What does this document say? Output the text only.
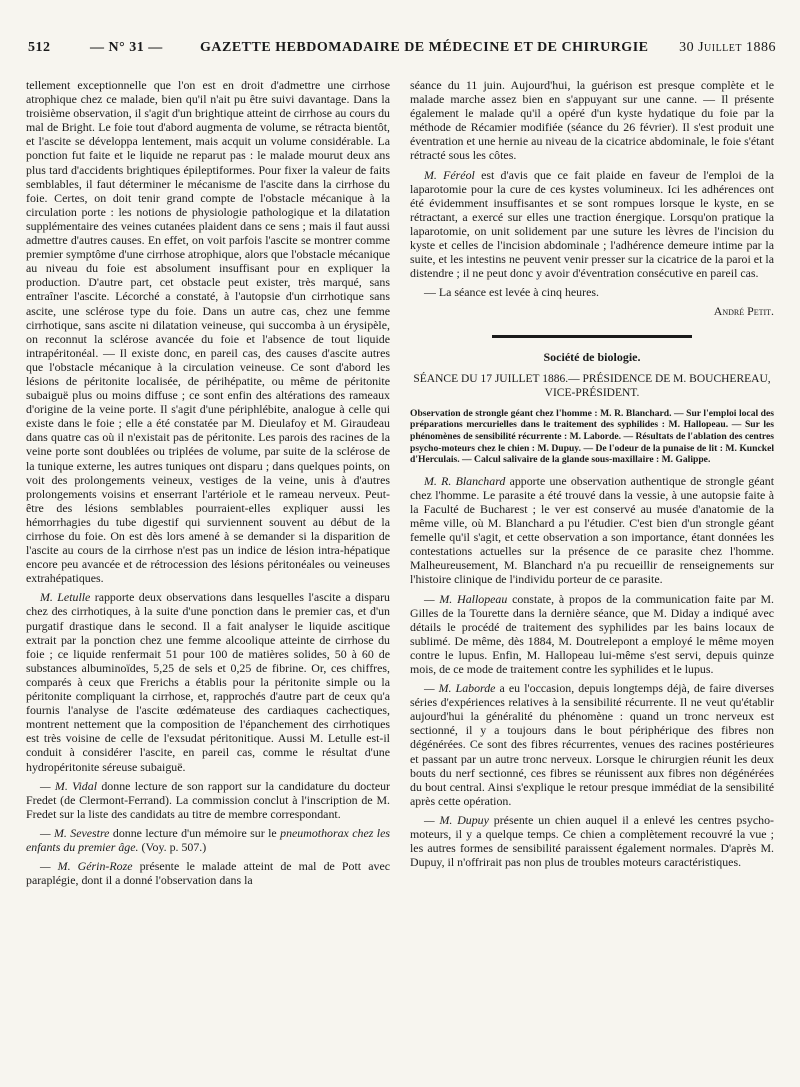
512	— N° 31 —	GAZETTE HEBDOMADAIRE DE MÉDECINE ET DE CHIRURGIE 30 Juillet 1886

tellement exceptionnelle que l'on est en droit d'admettre une cirrhose atrophique chez ce malade, bien qu'il n'ait pu être suivi davantage. Dans la troisième observation, il s'agit d'un brightique atteint de cirrhose au cours du mal de Bright. Le foie tout d'abord augmenta de volume, se rétracta bientôt, et l'ascite se développa lentement, mais acquit un volume considérable. La ponction fut faite et le liquide ne reparut pas : le malade mourut deux ans plus tard d'accidents brightiques épileptiformes. Pour fixer la valeur de faits semblables, il faut déterminer le mécanisme de l'ascite dans la cirrhose du foie. Certes, on doit tenir grand compte de l'obstacle mécanique à la circulation porte : les notions de physiologie pathologique et la dilatation supplémentaire des veines cutanées plaident dans ce sens ; mais il faut aussi admettre d'autres causes. En effet, on voit parfois l'ascite se montrer comme premier symptôme d'une cirrhose atrophique, alors que l'obstacle mécanique au niveau du foie est absolument insuffisant pour en expliquer la production. D'autre part, cet obstacle peut exister, très marqué, sans entraîner l'ascite. Lécorché a constaté, à l'autopsie d'un cirrhotique sans ascite, une sclérose type du foie. Dans un autre cas, chez une femme cirrhotique, sans ascite ni dilatation veineuse, qui succomba à un érysipèle, on reconnut la sclérose avancée du foie et l'absence de tout liquide intrapéritonéal. — Il existe donc, en pareil cas, des causes d'ascite autres que l'obstacle mécanique à la circulation veineuse. Ce sont d'abord les lésions de péritonite localisée, de périhépatite, ou même de péritonite subaiguë plus ou moins diffuse ; ce sont enfin des altérations des rameaux d'origine de la veine porte. Il s'agit d'une périphlébite, analogue à celle qui existe dans le foie ; elle a été constatée par M. Dieulafoy et M. Giraudeau dans quatre cas où il n'existait pas de péritonite. Les parois des racines de la veine porte sont doublées ou triplées de volume, par suite de la sclérose de la tunique externe, les autres tuniques ont disparu ; dans quelques points, on voit des prolongements veineux, vestiges de la veine, unis à d'autres prolongements voisins et enserrant l'artériole et le rameau nerveux. Peut-être des lésions semblables pourraient-elles expliquer aussi les hémorrhagies du tube digestif qui surviennent souvent au début de la cirrhose du foie. On est dès lors amené à se demander si la disparition de l'ascite au cours de la cirrhose n'est pas un indice de lésion intra-hépatique encore peu avancée et de rétrocession des lésions péritonéales ou veineuses extrahépatiques.

M. Letulle rapporte deux observations dans lesquelles l'ascite a disparu chez des cirrhotiques, à la suite d'une ponction dans le premier cas, et d'un purgatif drastique dans le second. Il a fait analyser le liquide ascitique extrait par la ponction chez une femme alcoolique atteinte de cirrhose du foie ; ce liquide renfermait 51 pour 100 de matières solides, 50 à 60 de substances albuminoïdes, 5,25 de sels et 0,25 de fibrine. Or, ces chiffres, comparés à ceux que Frerichs a établis pour la péritonite simple ou la péritonite compliquant la cirrhose, et, rapprochés d'autre part de ceux qu'a fournis l'analyse de l'ascite œdémateuse des cardiaques cachectiques, montrent nettement que la composition de l'épanchement des cirrhotiques est très voisine de celle de l'exsudat péritonitique. Aussi M. Letulle est-il conduit à considérer l'ascite, en pareil cas, comme le résultat d'une hydropéritonite séreuse subaiguë.

— M. Vidal donne lecture de son rapport sur la candidature du docteur Fredet (de Clermont-Ferrand). La commission conclut à l'inscription de M. Fredet sur la liste des candidats au titre de membre correspondant.

— M. Sevestre donne lecture d'un mémoire sur le pneumothorax chez les enfants du premier âge. (Voy. p. 507.)

— M. Gérin-Roze présente le malade atteint de mal de Pott avec paraplégie, dont il a donné l'observation dans la

séance du 11 juin. Aujourd'hui, la guérison est presque complète et le malade marche assez bien en s'appuyant sur une canne. — Il présente également le malade qu'il a opéré d'un kyste hydatique du foie par la méthode de Récamier modifiée (séance du 26 février). Il s'est produit une éventration et une hernie au niveau de la cicatrice abdominale, le foie s'étant rétracté sous les côtes.

M. Féréol est d'avis que ce fait plaide en faveur de l'emploi de la laparotomie pour la cure de ces kystes volumineux. Ici les adhérences ont été évidemment insuffisantes et se sont rompues lorsque le kyste, en se rétractant, a exercé sur elles une traction énergique. Lorsqu'on pratique la laparotomie, on unit solidement par une suture les lèvres de l'incision du kyste et celles de l'incision abdominale ; l'adhérence demeure intime par la suite, et les intestins ne peuvent venir presser sur la cicatrice de la paroi et la distendre ; il ne peut donc y avoir d'éventration consécutive en pareil cas.

— La séance est levée à cinq heures.

André Petit.

Société de biologie.
SÉANCE DU 17 JUILLET 1886.— PRÉSIDENCE DE M. BOUCHEREAU, VICE-PRÉSIDENT.
Observation de strongle géant chez l'homme : M. R. Blanchard. — Sur l'emploi local des préparations mercurielles dans le traitement des syphilides : M. Hallopeau. — Sur les phénomènes de sensibilité récurrente : M. Laborde. — Résultats de l'ablation des centres psycho-moteurs chez le chien : M. Dupuy. — De l'odeur de la punaise de lit : M. Kunckel d'Herculais. — Calcul salivaire de la glande sous-maxillaire : M. Galippe.

M. R. Blanchard apporte une observation authentique de strongle géant chez l'homme. Le parasite a été trouvé dans la vessie, à une autopsie faite à la Faculté de Bucharest ; le ver est conservé au musée d'anatomie de la même ville, où M. Blanchard a pu l'étudier. C'est bien d'un strongle géant femelle qu'il s'agit, et cette observation a son importance, étant données les contestations actuelles sur la présence de ce parasite chez l'homme. Malheureusement, M. Blanchard n'a pu recueillir de renseignements sur l'histoire clinique de l'individu porteur de ce parasite.

— M. Hallopeau constate, à propos de la communication faite par M. Gilles de la Tourette dans la dernière séance, que M. Diday a indiqué avec détails le procédé de traitement des syphilides par les bains locaux de sublimé. De même, dès 1884, M. Doutrelepont a employé le même moyen contre le lupus. Enfin, M. Hallopeau lui-même s'est servi, depuis quinze mois, de ce mode de traitement contre les syphilides et le lupus.

— M. Laborde a eu l'occasion, depuis longtemps déjà, de faire diverses séries d'expériences relatives à la sensibilité récurrente. Il ne veut qu'établir aujourd'hui la généralité du phénomène : quand un tronc nerveux est sectionné, il y a toujours dans le bout périphérique des fibres non dégénérées. Ce sont des fibres récurrentes, venues des racines postérieures et passant par un autre tronc nerveux. Lorsque le chirurgien réunit les deux bouts du nerf sectionné, ces fibres se réunissent aux fibres non dégénérées du bout central. Ainsi s'explique le retour presque immédiat de la sensibilité après cette opération.

— M. Dupuy présente un chien auquel il a enlevé les centres psycho-moteurs, il y a quelque temps. Ce chien a complètement recouvré la vue ; les autres formes de sensibilité paraissent également normales. D'après M. Dupuy, il n'offrirait pas non plus de troubles moteurs caractéristiques.
